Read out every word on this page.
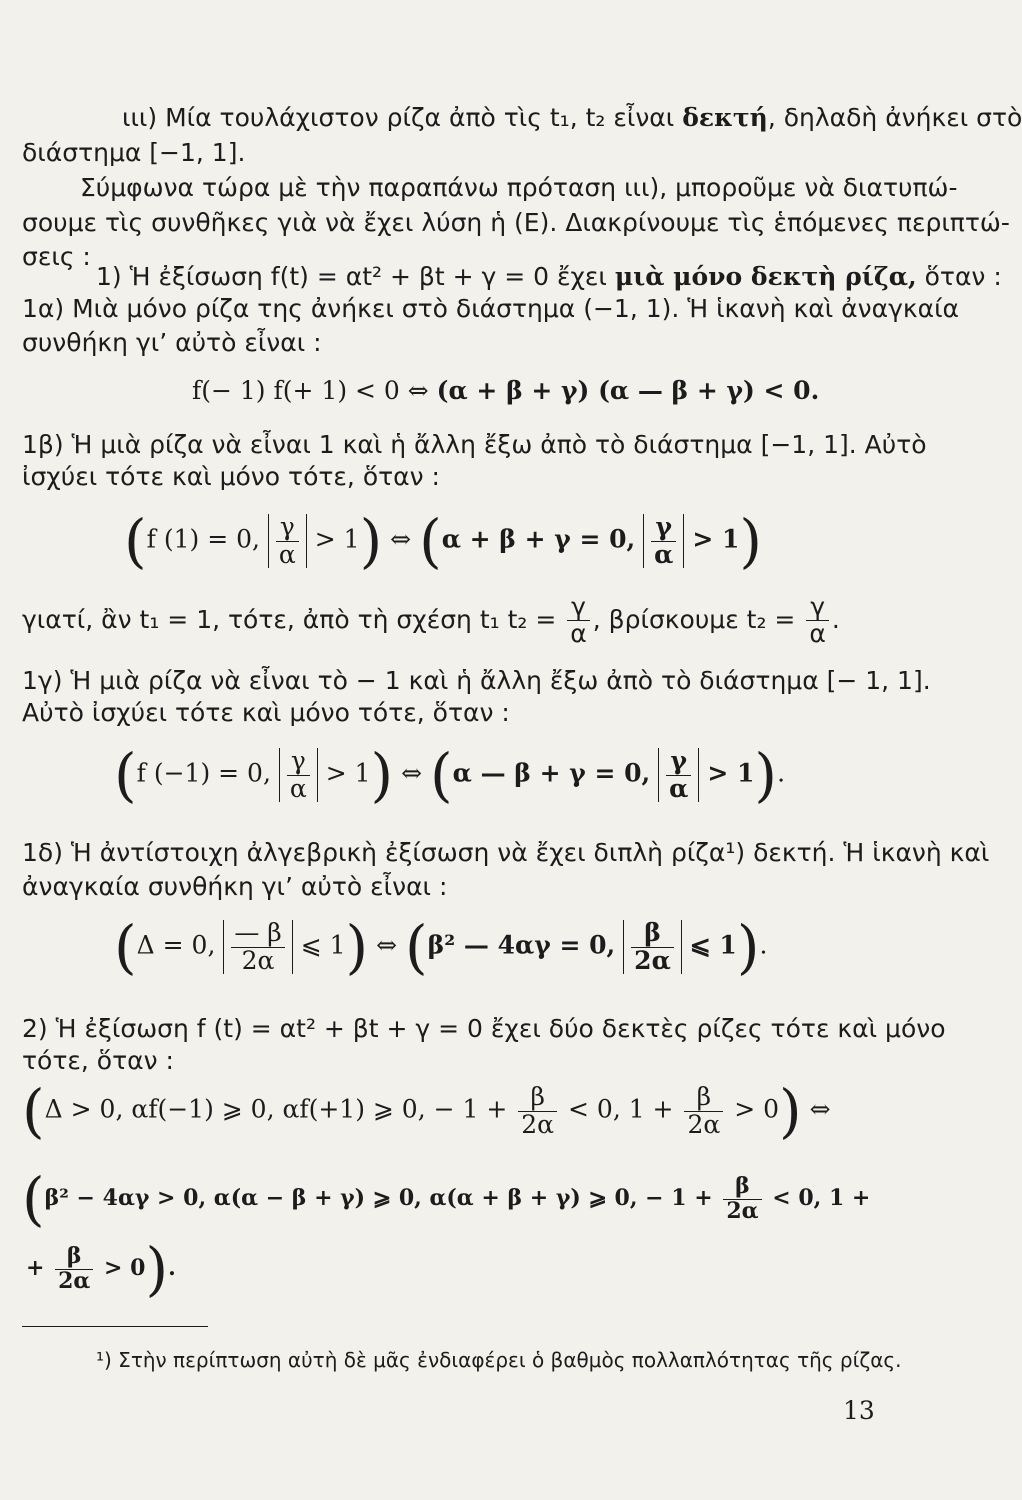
ιιι) Μία τουλάχιστον ρίζα ἀπὸ τὶς t₁, t₂ εἶναι δεκτή, δηλαδὴ ἀνήκει στὸ
διάστημα [−1, 1].
Σύμφωνα τώρα μὲ τὴν παραπάνω πρόταση ιιι), μποροῦμε νὰ διατυπώ-
σουμε τὶς συνθῆκες γιὰ νὰ ἔχει λύση ἡ (Ε). Διακρίνουμε τὶς ἑπόμενες περιπτώ-
σεις :
1) Ἡ ἐξίσωση f(t) = αt² + βt + γ = 0 ἔχει μιὰ μόνο δεκτὴ ρίζα, ὅταν :
1α) Μιὰ μόνο ρίζα της ἀνήκει στὸ διάστημα (−1, 1). Ἡ ἱκανὴ καὶ ἀναγκαία
συνθήκη γι’ αὐτὸ εἶναι :
f(− 1) f(+ 1) < 0 ⇔ (α + β + γ) (α — β + γ) < 0.
1β) Ἡ μιὰ ρίζα νὰ εἶναι 1 καὶ ἡ ἄλλη ἔξω ἀπὸ τὸ διάστημα [−1, 1]. Αὐτὸ
ἰσχύει τότε καὶ μόνο τότε, ὅταν :
(f (1) = 0, $\frac{\gamma}{\alpha} > 1$) ⇔ (α + β + γ = 0, $\frac{\gamma}{\alpha} > 1$)
γιατί, ἂν t₁ = 1, τότε, ἀπὸ τὴ σχέση t₁ $t_2 = \frac{\gamma}{\alpha}$ , βρίσκουμε $t_2 = \frac{\gamma}{\alpha}$ .
1γ) Ἡ μιὰ ρίζα νὰ εἶναι τὸ − 1 καὶ ἡ ἄλλη ἔξω ἀπὸ τὸ διάστημα [− 1, 1].
Αὐτὸ ἰσχύει τότε καὶ μόνο τότε, ὅταν :
(f (−1) = 0, $\frac{\gamma}{\alpha} > 1$) ⇔ (α — β + γ = 0, $\frac{\gamma}{\alpha} > 1$).
1δ) Ἡ ἀντίστοιχη ἀλγεβρικὴ ἐξίσωση νὰ ἔχει διπλὴ ρίζα¹) δεκτή. Ἡ ἱκανὴ καὶ
ἀναγκαία συνθήκη γι’ αὐτὸ εἶναι :
(Δ = 0, $\frac{— \beta}{2\alpha}$ ⩽ 1) ⇔ (β² — 4αγ = 0, $\frac{\beta}{2\alpha}$ ⩽ 1).
2) Ἡ ἐξίσωση f (t) = αt² + βt + γ = 0 ἔχει δύο δεκτὲς ρίζες τότε καὶ μόνο
τότε, ὅταν :
(Δ > 0, αf(−1) ⩾ 0, αf(+1) ⩾ 0, − $1 + \frac{\beta}{2\alpha} < 0$, $1 + \frac{\beta}{2\alpha} > 0$) ⇔
(β² − 4αγ > 0, α(α − β + γ) ⩾ 0, α(α + β + γ) ⩾ 0, − $1 + \frac{\beta}{2\alpha} < 0$, 1 +
+ $\frac{\beta}{2\alpha} > 0$).
¹) Στὴν περίπτωση αὐτὴ δὲ μᾶς ἐνδιαφέρει ὁ βαθμὸς πολλαπλότητας τῆς ρίζας.
13
